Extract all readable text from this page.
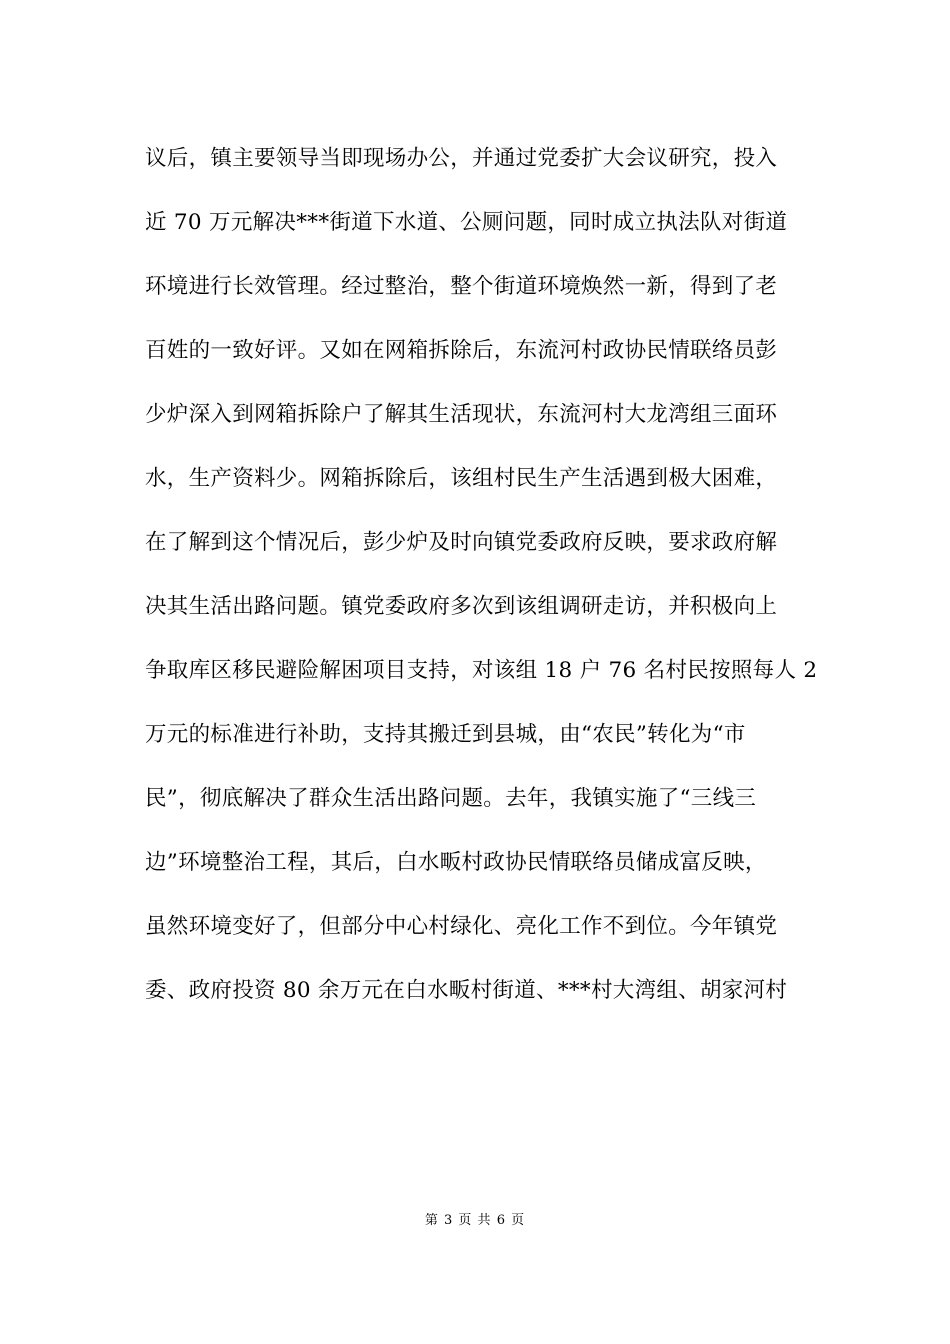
议后，镇主要领导当即现场办公，并通过党委扩大会议研究，投入
近 70 万元解决***街道下水道、公厕问题，同时成立执法队对街道
环境进行长效管理。经过整治，整个街道环境焕然一新，得到了老
百姓的一致好评。又如在网箱拆除后，东流河村政协民情联络员彭
少炉深入到网箱拆除户了解其生活现状，东流河村大龙湾组三面环
水，生产资料少。网箱拆除后，该组村民生产生活遇到极大困难，
在了解到这个情况后，彭少炉及时向镇党委政府反映，要求政府解
决其生活出路问题。镇党委政府多次到该组调研走访，并积极向上
争取库区移民避险解困项目支持，对该组 18 户 76 名村民按照每人 2
万元的标准进行补助，支持其搬迁到县城，由“农民”转化为“市
民”，彻底解决了群众生活出路问题。去年，我镇实施了“三线三
边”环境整治工程，其后，白水畈村政协民情联络员储成富反映，
虽然环境变好了，但部分中心村绿化、亮化工作不到位。今年镇党
委、政府投资 80 余万元在白水畈村街道、***村大湾组、胡家河村
第 3 页 共 6 页
